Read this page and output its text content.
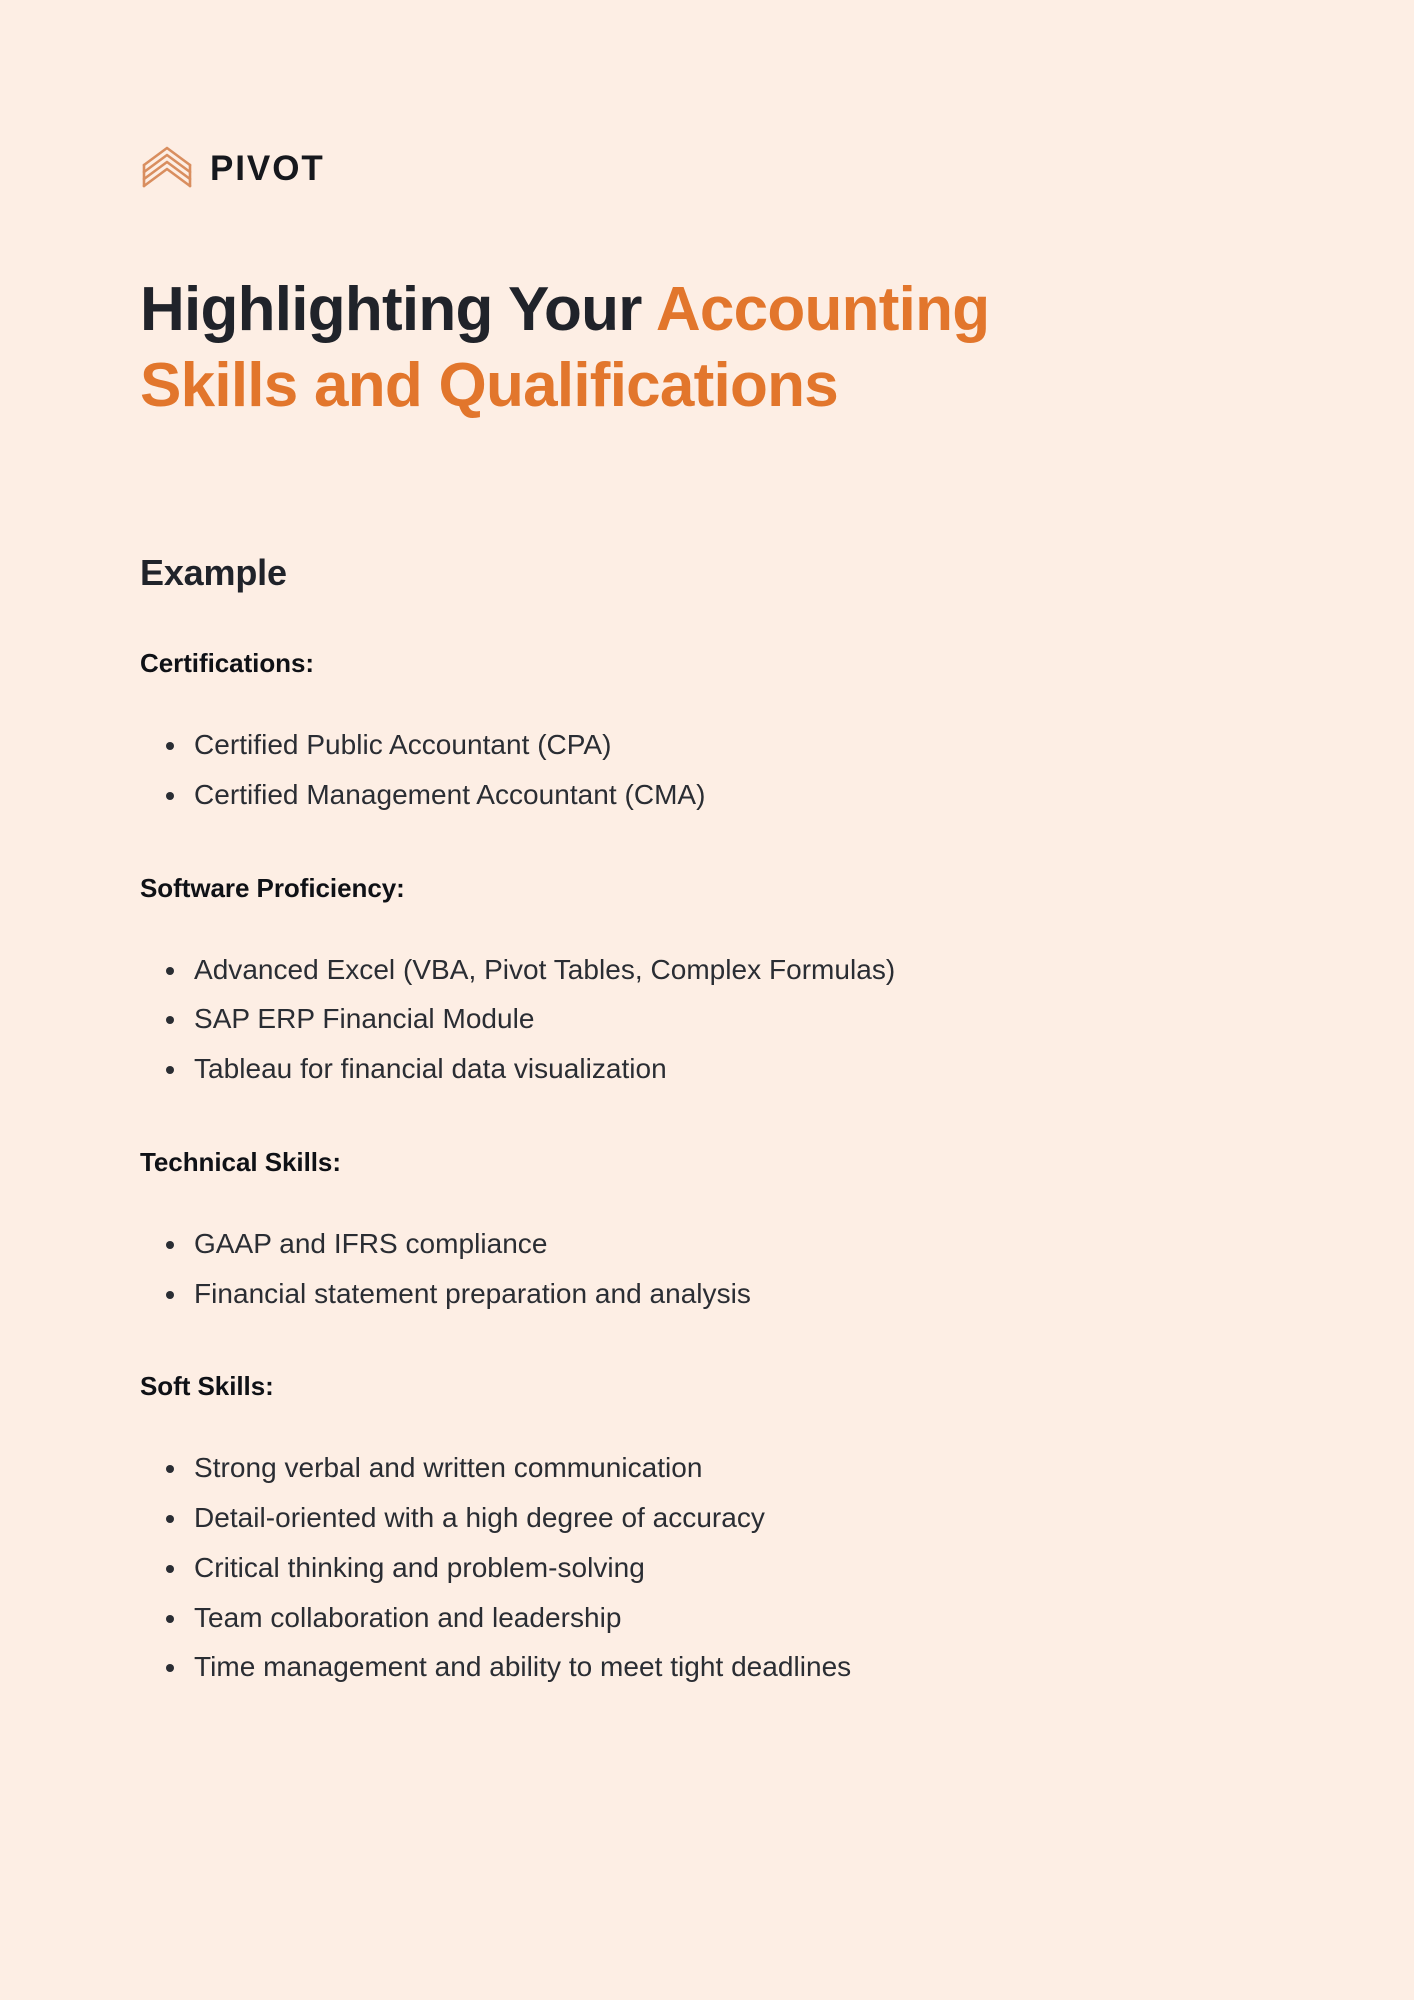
PIVOT
Highlighting Your Accounting
Skills and Qualifications
Example
Certifications:
Certified Public Accountant (CPA)
Certified Management Accountant (CMA)
Software Proficiency:
Advanced Excel (VBA, Pivot Tables, Complex Formulas)
SAP ERP Financial Module
Tableau for financial data visualization
Technical Skills:
GAAP and IFRS compliance
Financial statement preparation and analysis
Soft Skills:
Strong verbal and written communication
Detail-oriented with a high degree of accuracy
Critical thinking and problem-solving
Team collaboration and leadership
Time management and ability to meet tight deadlines
